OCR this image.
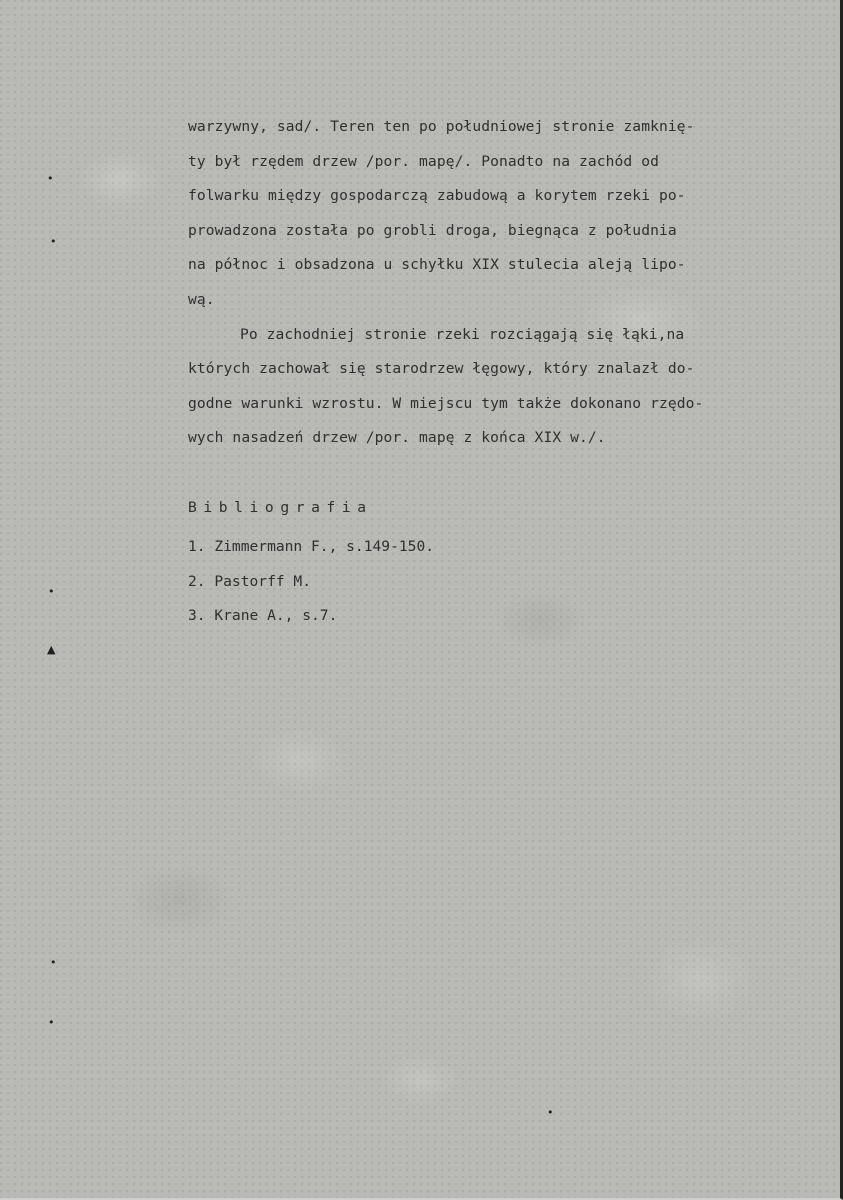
warzywny, sad/. Teren ten po południowej stronie zamknię-
ty był rzędem drzew /por. mapę/. Ponadto na zachód od
folwarku między gospodarczą zabudową a korytem rzeki po-
prowadzona została po grobli droga, biegnąca z południa
na północ i obsadzona u schyłku XIX stulecia aleją lipo-
wą.
Po zachodniej stronie rzeki rozciągają się łąki,na
których zachował się starodrzew łęgowy, który znalazł do-
godne warunki wzrostu. W miejscu tym także dokonano rzędo-
wych nasadzeń drzew /por. mapę z końca XIX w./.
Bibliografia
1. Zimmermann F., s.149-150.
2. Pastorff M.
3. Krane A., s.7.
•
•
•
▲
•
•
•
